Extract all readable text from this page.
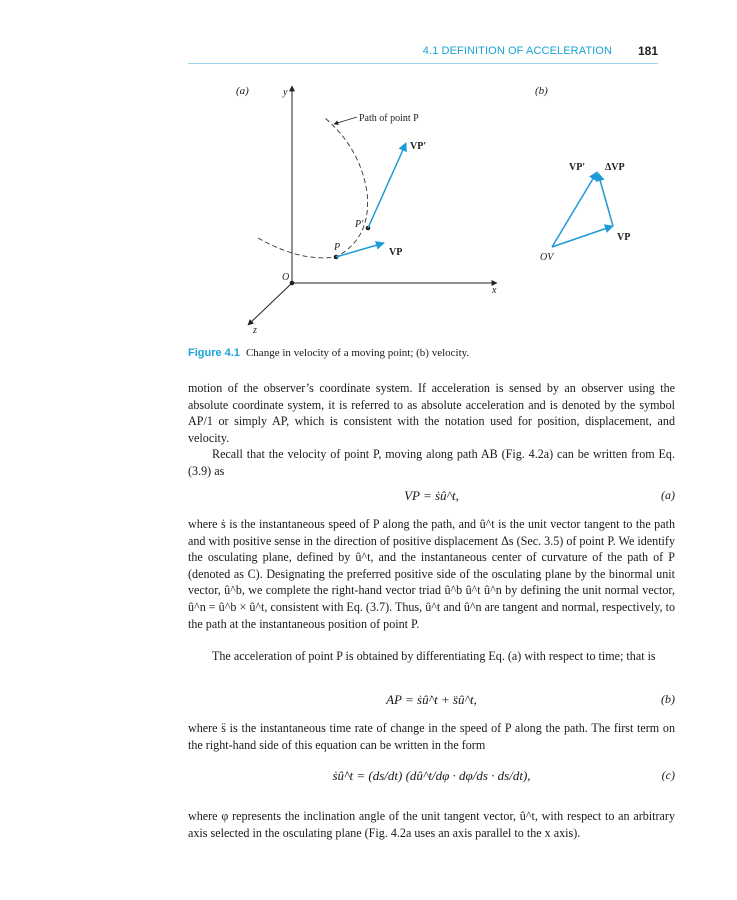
4.1 DEFINITION OF ACCELERATION 181
(a)	y
x
z
O
Path of point P
P
P′
VP
VP′
(b)
VP′ ΔVP
VP
OV
Figure 4.1 Change in velocity of a moving point; (b) velocity.

motion of the observer’s coordinate system. If acceleration is sensed by an observer using the absolute coordinate system, it is referred to as absolute acceleration and is denoted by the symbol AP/1 or simply AP, which is consistent with the notation used for position, displacement, and velocity.

Recall that the velocity of point P, moving along path AB (Fig. 4.2a) can be written from Eq. (3.9) as

VP = ṡû^t,	(a)

where ṡ is the instantaneous speed of P along the path, and û^t is the unit vector tangent to the path and with positive sense in the direction of positive displacement Δs (Sec. 3.5) of point P. We identify the osculating plane, defined by û^t, and the instantaneous center of curvature of the path of P (denoted as C). Designating the preferred positive side of the osculating plane by the binormal unit vector, û^b, we complete the right-hand vector triad û^b û^t û^n by defining the unit normal vector, û^n = û^b × û^t, consistent with Eq. (3.7). Thus, û^t and û^n are tangent and normal, respectively, to the path at the instantaneous position of point P.

The acceleration of point P is obtained by differentiating Eq. (a) with respect to time; that is

AP = ṡû̇^t + s̈û^t,	(b)

where s̈ is the instantaneous time rate of change in the speed of P along the path. The first term on the right-hand side of this equation can be written in the form

ṡû̇^t = (ds/dt) (dû^t/dφ · dφ/ds · ds/dt),	(c)

where φ represents the inclination angle of the unit tangent vector, û^t, with respect to an arbitrary axis selected in the osculating plane (Fig. 4.2a uses an axis parallel to the x axis).
